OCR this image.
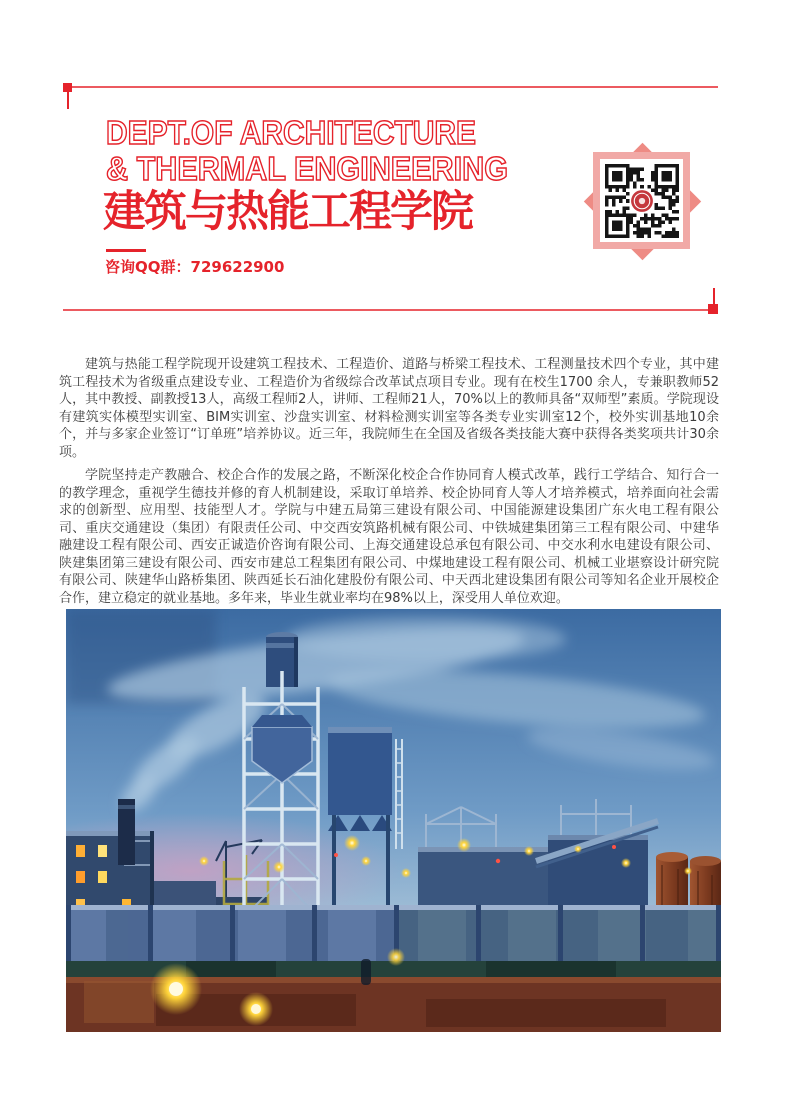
DEPT.OF ARCHITECTURE
& THERMAL ENGINEERING
建筑与热能工程学院
咨询QQ群：729622900

建筑与热能工程学院现开设建筑工程技术、工程造价、道路与桥梁工程技术、工程测量技术四个专业，其中建筑工程技术为省级重点建设专业、工程造价为省级综合改革试点项目专业。现有在校生1700 余人，专兼职教师52人，其中教授、副教授13人，高级工程师2人，讲师、工程师21人，70%以上的教师具备“双师型”素质。学院现设有建筑实体模型实训室、BIM实训室、沙盘实训室、材料检测实训室等各类专业实训室12个，校外实训基地10余个，并与多家企业签订“订单班”培养协议。近三年，我院师生在全国及省级各类技能大赛中获得各类奖项共计30余项。

学院坚持走产教融合、校企合作的发展之路，不断深化校企合作协同育人模式改革，践行工学结合、知行合一的教学理念，重视学生德技并修的育人机制建设，采取订单培养、校企协同育人等人才培养模式，培养面向社会需求的创新型、应用型、技能型人才。学院与中建五局第三建设有限公司、中国能源建设集团广东火电工程有限公司、重庆交通建设（集团）有限责任公司、中交西安筑路机械有限公司、中铁城建集团第三工程有限公司、中建华融建设工程有限公司、西安正诚造价咨询有限公司、上海交通建设总承包有限公司、中交水利水电建设有限公司、陕建集团第三建设有限公司、西安市建总工程集团有限公司、中煤地建设工程有限公司、机械工业堪察设计研究院有限公司、陕建华山路桥集团、陕西延长石油化建股份有限公司、中天西北建设集团有限公司等知名企业开展校企合作，建立稳定的就业基地。多年来，毕业生就业率均在98%以上，深受用人单位欢迎。
